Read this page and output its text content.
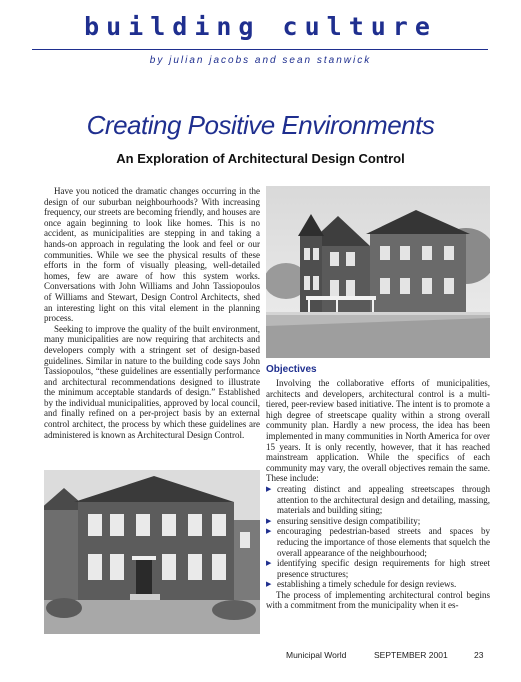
building culture
by julian jacobs and sean stanwick
Creating Positive Environments
An Exploration of Architectural Design Control

Have you noticed the dramatic changes occurring in the design of our suburban neighbourhoods? With increasing frequency, our streets are becoming friendly, and houses are once again beginning to look like homes. This is no accident, as municipalities are stepping in and taking a hands-on approach in regulating the look and feel or our communities. While we see the physical results of these efforts in the form of visually pleasing, well-detailed homes, few are aware of how this system works. Conversations with John Williams and John Tassiopoulos of Williams and Stewart, Design Control Architects, shed an interesting light on this vital element in the planning process.

Seeking to improve the quality of the built environment, many municipalities are now requiring that architects and developers comply with a stringent set of design-based guidelines. Similar in nature to the building code says John Tassiopoulos, “these guidelines are essentially performance and architectural recommendations designed to illustrate the minimum acceptable standards of design.” Established by the individual municipalities, approved by local council, and finally refined on a per-project basis by an external control architect, the process by which these guidelines are administered is known as Architectural Design Control.

Objectives

Involving the collaborative efforts of municipalities, architects and developers, architectural control is a multi-tiered, peer-review based initiative. The intent is to promote a high degree of streetscape quality within a strong overall community plan. Hardly a new process, the idea has been implemented in many communities in North America for over 15 years. It is only recently, however, that it has reached mainstream application. While the specifics of each community may vary, the overall objectives remain the same. These include:

▶ creating distinct and appealing streetscapes through attention to the architectural design and detailing, massing, materials and building siting;
▶ ensuring sensitive design compatibility;
▶ encouraging pedestrian-based streets and spaces by reducing the importance of those elements that squelch the overall appearance of the neighbourhood;
▶ identifying specific design requirements for high street presence structures;
▶ establishing a timely schedule for design reviews.

The process of implementing architectural control begins with a commitment from the municipality when it es-

Municipal World	SEPTEMBER 2001	23
